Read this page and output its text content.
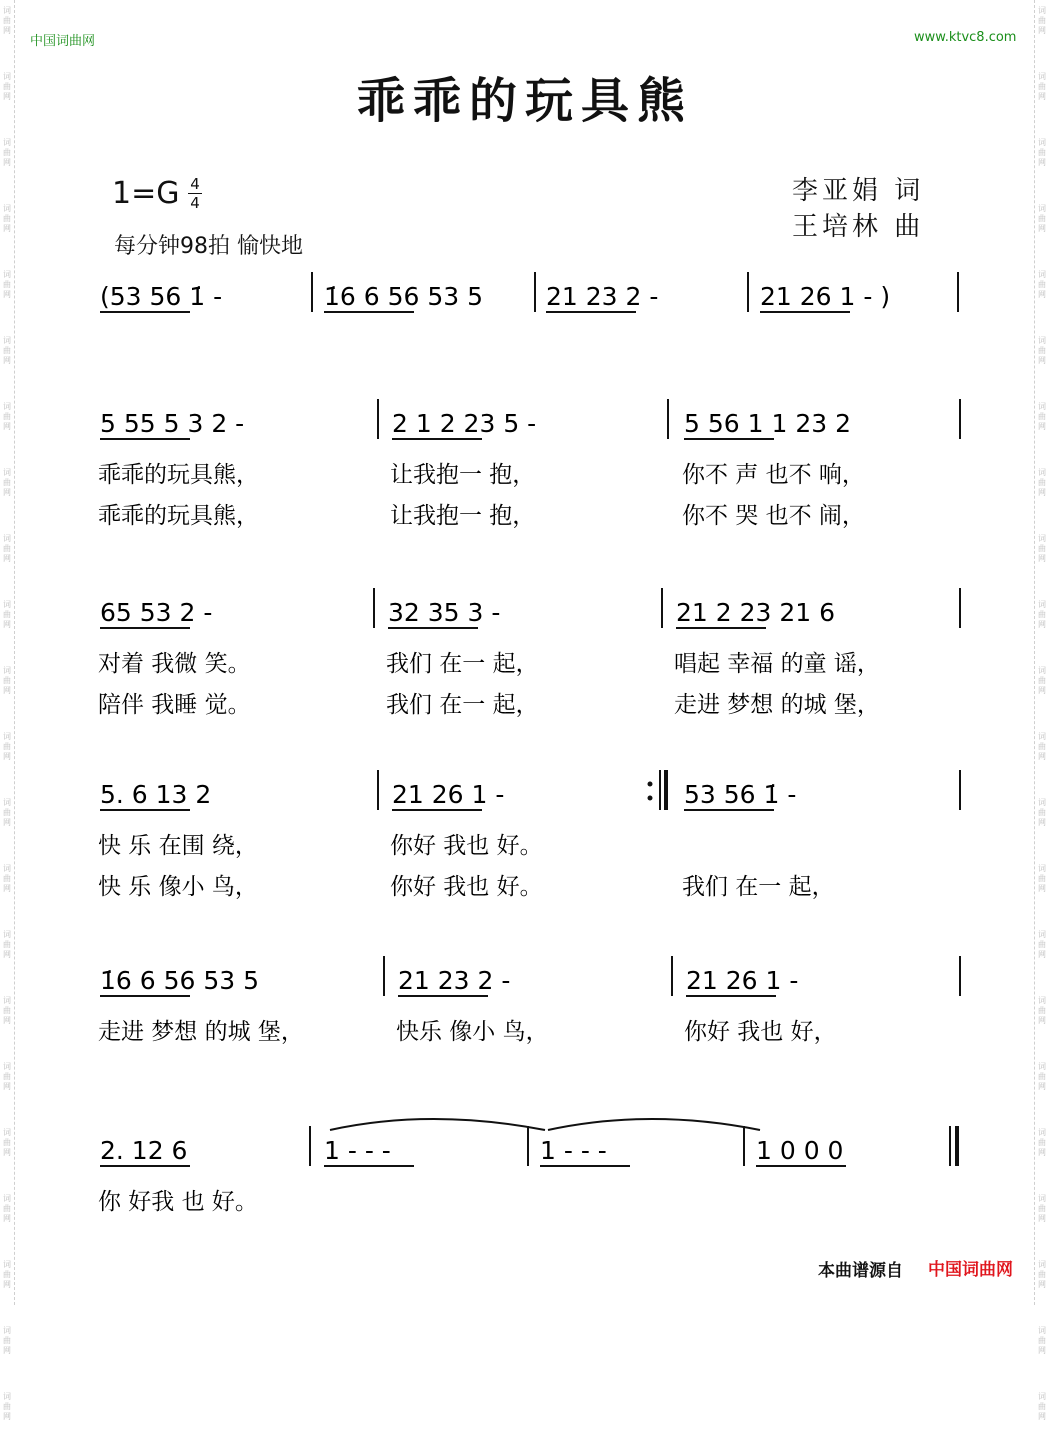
词
曲
网
词
曲
网
词
曲
网
词
曲
网
词
曲
网
词
曲
网
词
曲
网
词
曲
网
词
曲
网
词
曲
网
词
曲
网
词
曲
网
词
曲
网
词
曲
网
词
曲
网
词
曲
网
词
曲
网
词
曲
网
词
曲
网
词
曲
网
词
曲
网
词
曲
网
词
曲
网
词
曲
网
词
曲
网
词
曲
网
词
曲
网
词
曲
网
词
曲
网
词
曲
网
词
曲
网
词
曲
网
词
曲
网
词
曲
网
词
曲
网
词
曲
网
词
曲
网
词
曲
网
词
曲
网
词
曲
网
词
曲
网
词
曲
网
词
曲
网
词
曲
网
中国词曲网	www.ktvc8.com
乖乖的玩具熊
李亚娟 词
王培林 曲
1=G 4
4
每分钟98拍 愉快地
(53 56 1̇ -	1̇6 6 56 53 5	21 23 2 -	21 26 1 - )
5 55 5 3 2 -	2 1 2 23 5 -	5 56 1 1 23 2
乖乖的玩具熊，	让我抱一 抱，	你不 声 也不 响，
乖乖的玩具熊，	让我抱一 抱，	你不 哭 也不 闹，
65 53 2 -	32 35 3 -	21 2 23 21 6
对着 我微 笑。	我们 在一 起，	唱起 幸福 的童 谣，
陪伴 我睡 觉。	我们 在一 起，	走进 梦想 的城 堡，
5. 6 13 2	21 26 1 -	53 56 1̇ -
快 乐 在围 绕，	你好 我也 好。
快 乐 像小 鸟，	你好 我也 好。	我们 在一 起，
1̇6 6 56 53 5	21 23 2 -	21 26 1 -
走进 梦想 的城 堡，	快乐 像小 鸟，	你好 我也 好，
2. 12 6	1 - - -	1 - - -	1 0 0 0
你 好我 也 好。
本曲谱源自 中国词曲网
